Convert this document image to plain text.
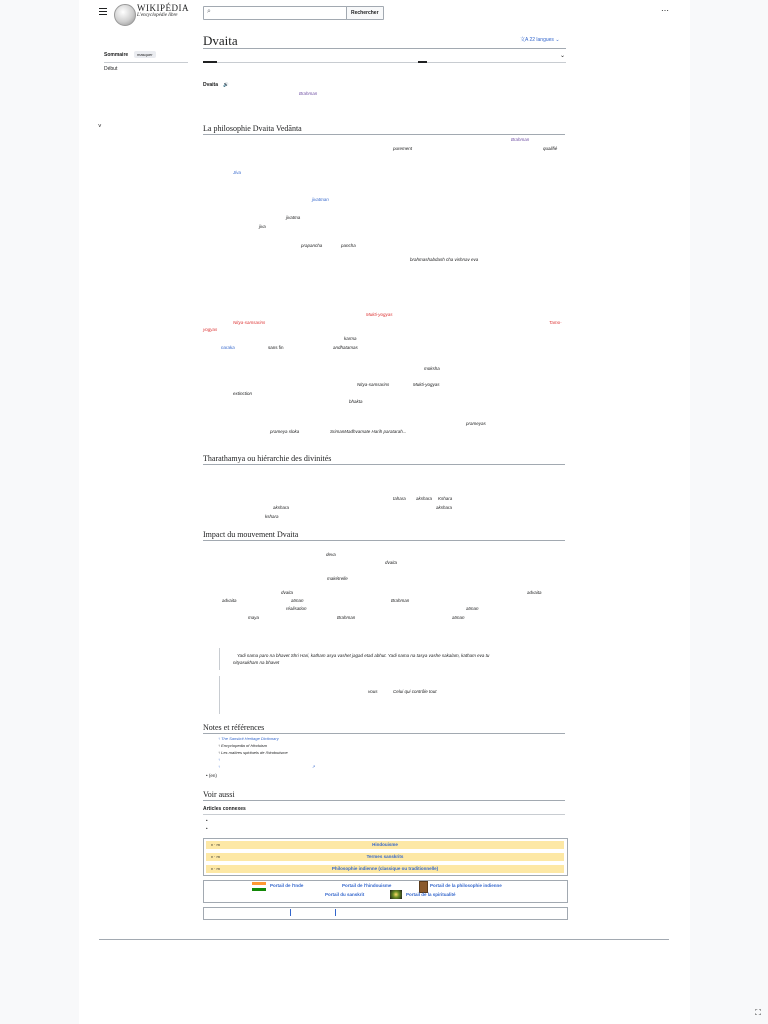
WIKIPÉDIA
L'encyclopédie libre
⌕	Rechercher	⋯
Sommaire	masquer
Début
˅
Dvaita	文A 22 langues ⌄
⌄
Dvaita 🔊
Brahman
La philosophie Dvaita Vedānta
Brahman
purement	qualifié
Jiva
jivatman
jivatma
jiva
prapancha	pancha
brahmashabdash cha vishnav eva
Mukti-yogyas
Nitya-samsarins	Tamo-
yogyas
karma
naraka	sans fin	andhatamas
moksha
Nitya-samsarins	Mukti-yogyas
extinction
bhakta
prameyas
prameya sloka	SrimanMadhvamate Harih paratarah...
Tharathamya ou hiérarchie des divinités
tahara akshara Kshara
akshara	akshara
kshara
Impact du mouvement Dvaita
deva
dvaita
makétrelle
dvaita	advaita
advaita	atman	Brahman
réalisation	atman
maya	Brahman	atman
Yadi nama paro na bhavet Shri Hari, katham asya vashet jagad etad abhut. Yadi nama na tasya vashe sakalam, katham eva tu
nityasukham na bhavet
vous	Celui qui contrôle tout
Notes et références
↑ The Sanskrit Heritage Dictionary
↑ Encyclopedia of Hinduism
↑ Les maîtres spirituels de l'hindouisme
↑
↑	↗
• (en)
Voir aussi
Articles connexes
•
•
v · m	Hindouisme
v · m	Termes sanskrits
v · m	Philosophie indienne (classique ou traditionnelle)
Portail de l'Inde	Portail de l'hindouisme	Portail de la philosophie indienne
Portail du sanskrit	Portail de la spiritualité
⛶
